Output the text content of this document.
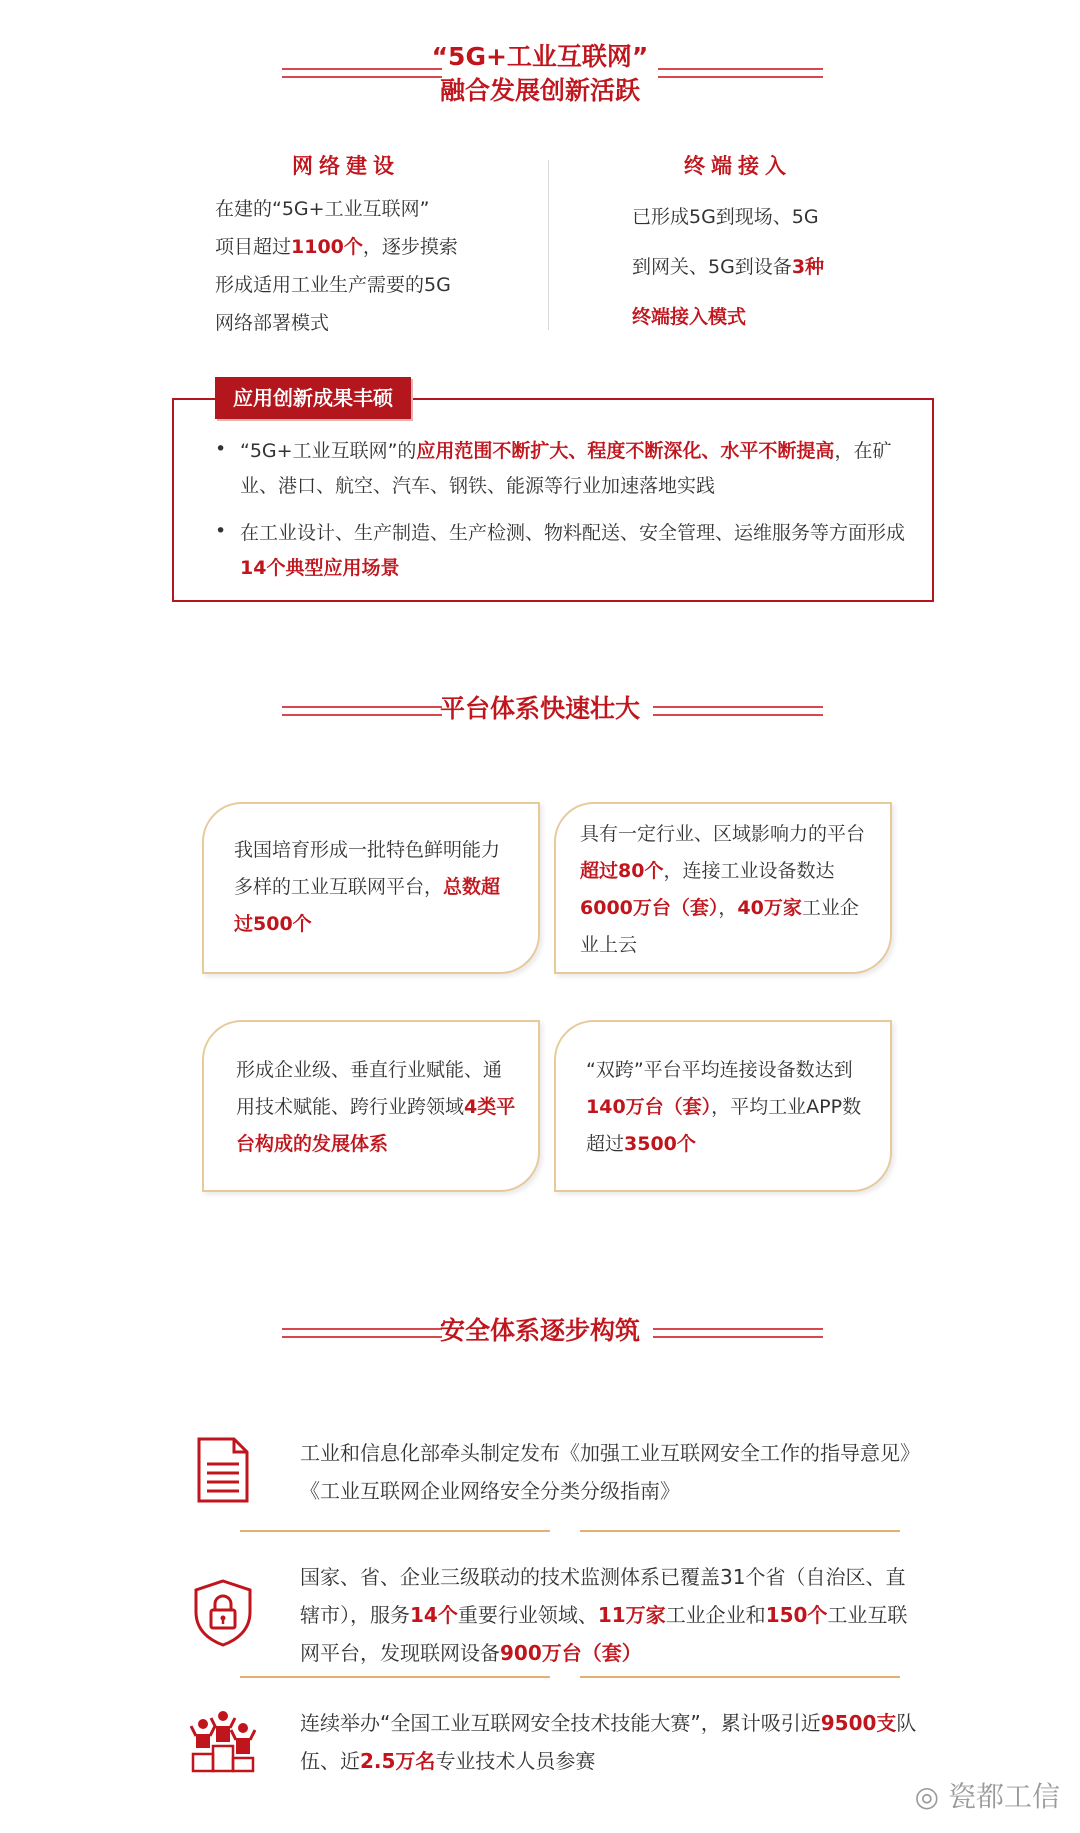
“5G+工业互联网”
融合发展创新活跃
网络建设
在建的“5G+工业互联网”
项目超过1100个，逐步摸索
形成适用工业生产需要的5G
网络部署模式
终端接入
已形成5G到现场、5G
到网关、5G到设备3种
终端接入模式
应用创新成果丰硕
• “5G+工业互联网”的应用范围不断扩大、程度不断深化、水平不断提高，在矿业、港口、航空、汽车、钢铁、能源等行业加速落地实践
• 在工业设计、生产制造、生产检测、物料配送、安全管理、运维服务等方面形成14个典型应用场景
平台体系快速壮大
我国培育形成一批特色鲜明能力多样的工业互联网平台，总数超过500个
具有一定行业、区域影响力的平台超过80个，连接工业设备数达6000万台（套），40万家工业企业上云
形成企业级、垂直行业赋能、通用技术赋能、跨行业跨领域4类平台构成的发展体系
“双跨”平台平均连接设备数达到140万台（套），平均工业APP数超过3500个
安全体系逐步构筑
工业和信息化部牵头制定发布《加强工业互联网安全工作的指导意见》《工业互联网企业网络安全分类分级指南》
国家、省、企业三级联动的技术监测体系已覆盖31个省（自治区、直辖市），服务14个重要行业领域、11万家工业企业和150个工业互联网平台，发现联网设备900万台（套）
连续举办“全国工业互联网安全技术技能大赛”，累计吸引近9500支队伍、近2.5万名专业技术人员参赛
◎ 瓷都工信
